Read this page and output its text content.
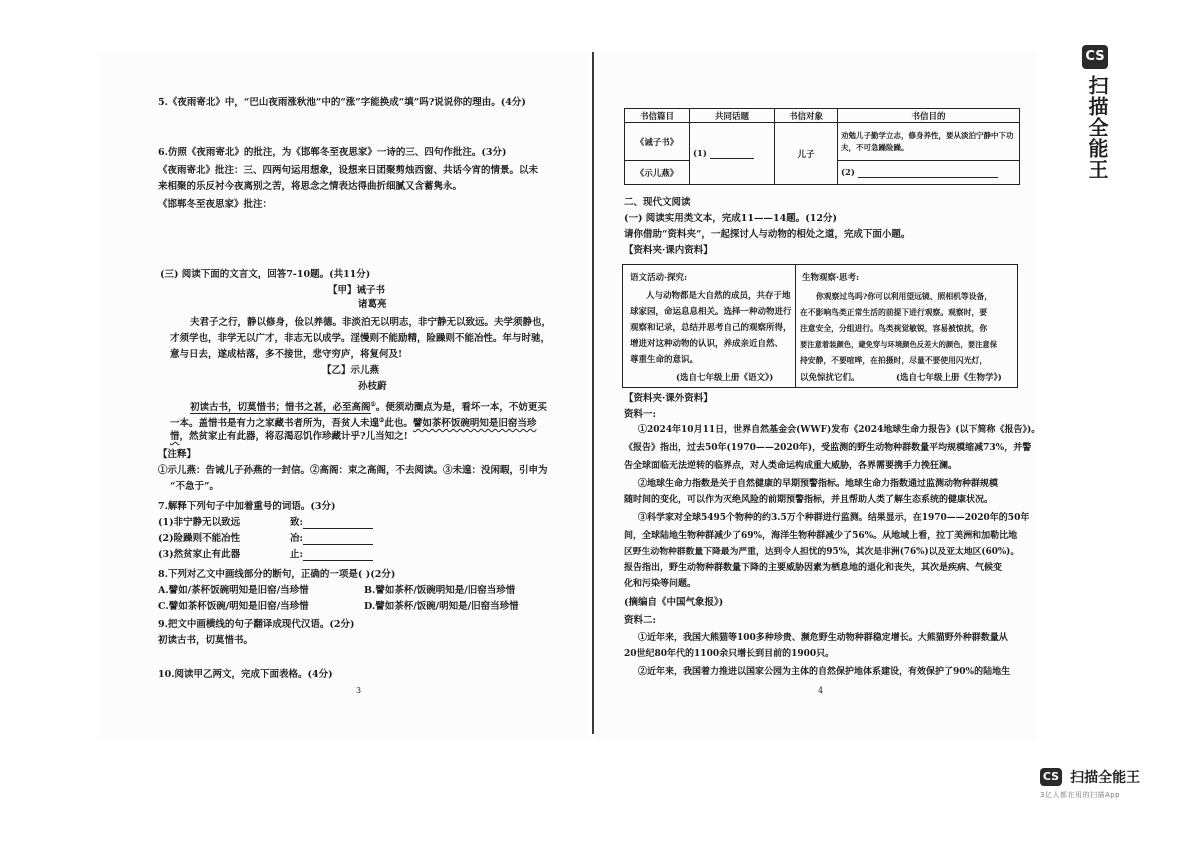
5.《夜雨寄北》中，“巴山夜雨涨秋池”中的“涨”字能换成“填”吗?说说你的理由。(4分)
6.仿照《夜雨寄北》的批注，为《邯郸冬至夜思家》一诗的三、四句作批注。(3分)
《夜雨寄北》批注：三、四两句运用想象，设想来日团聚剪烛西窗、共话今宵的情景。以未
来相聚的乐反衬今夜离别之苦，将思念之情表达得曲折细腻又含蓄隽永。
《邯郸冬至夜思家》批注：
(三) 阅读下面的文言文，回答7-10题。(共11分)
【甲】诫子书
诸葛亮
夫君子之行，静以修身，俭以养德。非淡泊无以明志，非宁静无以致远。夫学须静也，
才须学也，非学无以广才，非志无以成学。淫慢则不能励精，险躁则不能冶性。年与时驰，
意与日去，遂成枯落，多不接世，悲守穷庐，将复何及!
【乙】示儿燕
孙枝蔚
初读古书，切莫惜书；惜书之甚，必至高阁①。便须动圈点为是，看坏一本，不妨更买
一本。盖惜书是有力之家藏书者所为，吾贫人未遑②此也。譬如茶杯饭碗明知是旧窑当珍
惜，然贫家止有此器，将忍渴忍饥作珍藏计乎?儿当知之!
【注释】
①示儿燕：告诫儿子孙燕的一封信。②高阁：束之高阁，不去阅读。③未遑：没闲暇，引申为
“不急于”。
7.解释下列句子中加着重号的词语。(3分)
(1)非宁静无以致远	致:
(2)险躁则不能冶性	冶:
(3)然贫家止有此器	止:
8.下列对乙文中画线部分的断句，正确的一项是( )(2分)
A.譬如/茶杯饭碗明知是旧窑/当珍惜	B.譬如茶杯/饭碗明知是/旧窑当珍惜
C.譬如茶杯饭碗/明知是旧窑/当珍惜	D.譬如茶杯/饭碗/明知是/旧窑当珍惜
9.把文中画横线的句子翻译成现代汉语。(2分)
初读古书，切莫惜书。
10.阅读甲乙两文，完成下面表格。(4分)
3
书信篇目	共同话题	书信对象	书信目的
《诫子书》	(1)	儿子	劝勉儿子勤学立志，修身养性，要从淡泊宁静中下功夫，不可急躁险躁。
《示儿燕》			(2)
二、现代文阅读
(一) 阅读实用类文本，完成11——14题。(12分)
请你借助“资料夹”，一起探讨人与动物的相处之道，完成下面小题。
【资料夹·课内资料】
语文活动·探究:
人与动物都是大自然的成员，共存于地
球家园，命运息息相关。选择一种动物进行
观察和记录，总结并思考自己的观察所得，
增进对这种动物的认识，养成亲近自然、
尊重生命的意识。
(选自七年级上册《语文》)
生物观察·思考:
你观察过鸟吗?你可以利用望远镜、照相机等设备，
在不影响鸟类正常生活的前提下进行观察。观察时，要
注意安全，分组进行。鸟类视觉敏锐，容易被惊扰，你
要注意着装颜色，避免穿与环境颜色反差大的颜色，要注意保
持安静，不要喧哗，在拍摄时，尽量不要使用闪光灯，
以免惊扰它们。	(选自七年级上册《生物学》)
【资料夹·课外资料】
资料一:
①2024年10月11日，世界自然基金会(WWF)发布《2024地球生命力报告》(以下简称《报告》)。
《报告》指出，过去50年(1970——2020年)，受监测的野生动物种群数量平均规模缩减73%，并警
告全球面临无法逆转的临界点，对人类命运构成重大威胁，各界需要携手力挽狂澜。
②地球生命力指数是关于自然健康的早期预警指标。地球生命力指数通过监测动物种群规模
随时间的变化，可以作为灭绝风险的前期预警指标，并且帮助人类了解生态系统的健康状况。
③科学家对全球5495个物种的约3.5万个种群进行监测。结果显示，在1970——2020年的50年
间，全球陆地生物种群减少了69%，海洋生物种群减少了56%。从地域上看，拉丁美洲和加勒比地
区野生动物种群数量下降最为严重，达到令人担忧的95%，其次是非洲(76%)以及亚太地区(60%)。
报告指出，野生动物种群数量下降的主要威胁因素为栖息地的退化和丧失，其次是疾病、气候变
化和污染等问题。
(摘编自《中国气象报》)
资料二:
①近年来，我国大熊猫等100多种珍贵、濒危野生动物种群稳定增长。大熊猫野外种群数量从
20世纪80年代的1100余只增长到目前的1900只。
②近年来，我国着力推进以国家公园为主体的自然保护地体系建设，有效保护了90%的陆地生
4
CS
扫描全能王
CS 扫描全能王
3亿人都在用的扫描App
